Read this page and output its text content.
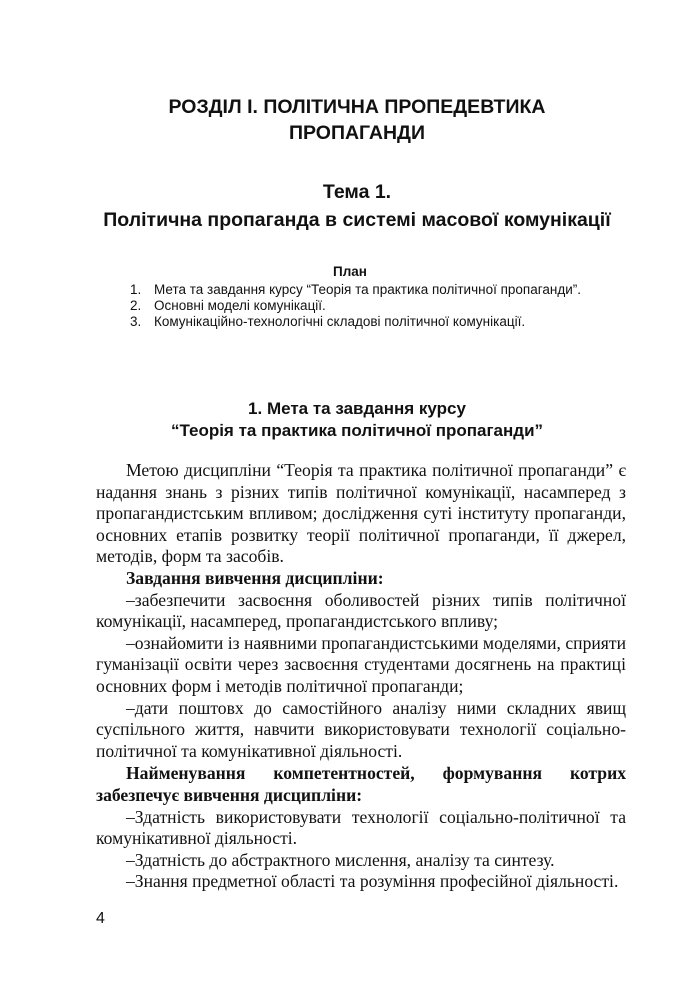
РОЗДІЛ І. ПОЛІТИЧНА ПРОПЕДЕВТИКА
ПРОПАГАНДИ
Тема 1.
Політична пропаганда в системі масової комунікації
План
1. Мета та завдання курсу “Теорія та практика політичної пропаганди”.
2. Основні моделі комунікації.
3. Комунікаційно-технологічні складові політичної комунікації.
1. Мета та завдання курсу
“Теорія та практика політичної пропаганди”

Метою дисципліни “Теорія та практика політичної пропаганди” є надання знань з різних типів політичної комунікації, насамперед з пропагандистським впливом; дослідження суті інституту пропаганди, основних етапів розвитку теорії політичної пропаганди, її джерел, методів, форм та засобів.

Завдання вивчення дисципліни:

–забезпечити засвоєння оболивостей різних типів політичної комунікації, насамперед, пропагандистського впливу;

–ознайомити із наявними пропагандистськими моделями, сприяти гуманізації освіти через засвоєння студентами досягнень на практиці основних форм і методів політичної пропаганди;

–дати поштовх до самостійного аналізу ними складних явищ суспільного життя, навчити використовувати технології соціально-політичної та комунікативної діяльності.

Найменування компетентностей, формування котрих забезпечує вивчення дисципліни:

–Здатність використовувати технології соціально-політичної та комунікативної діяльності.

–Здатність до абстрактного мислення, аналізу та синтезу.

–Знання предметної області та розуміння професійної діяльності.

4
